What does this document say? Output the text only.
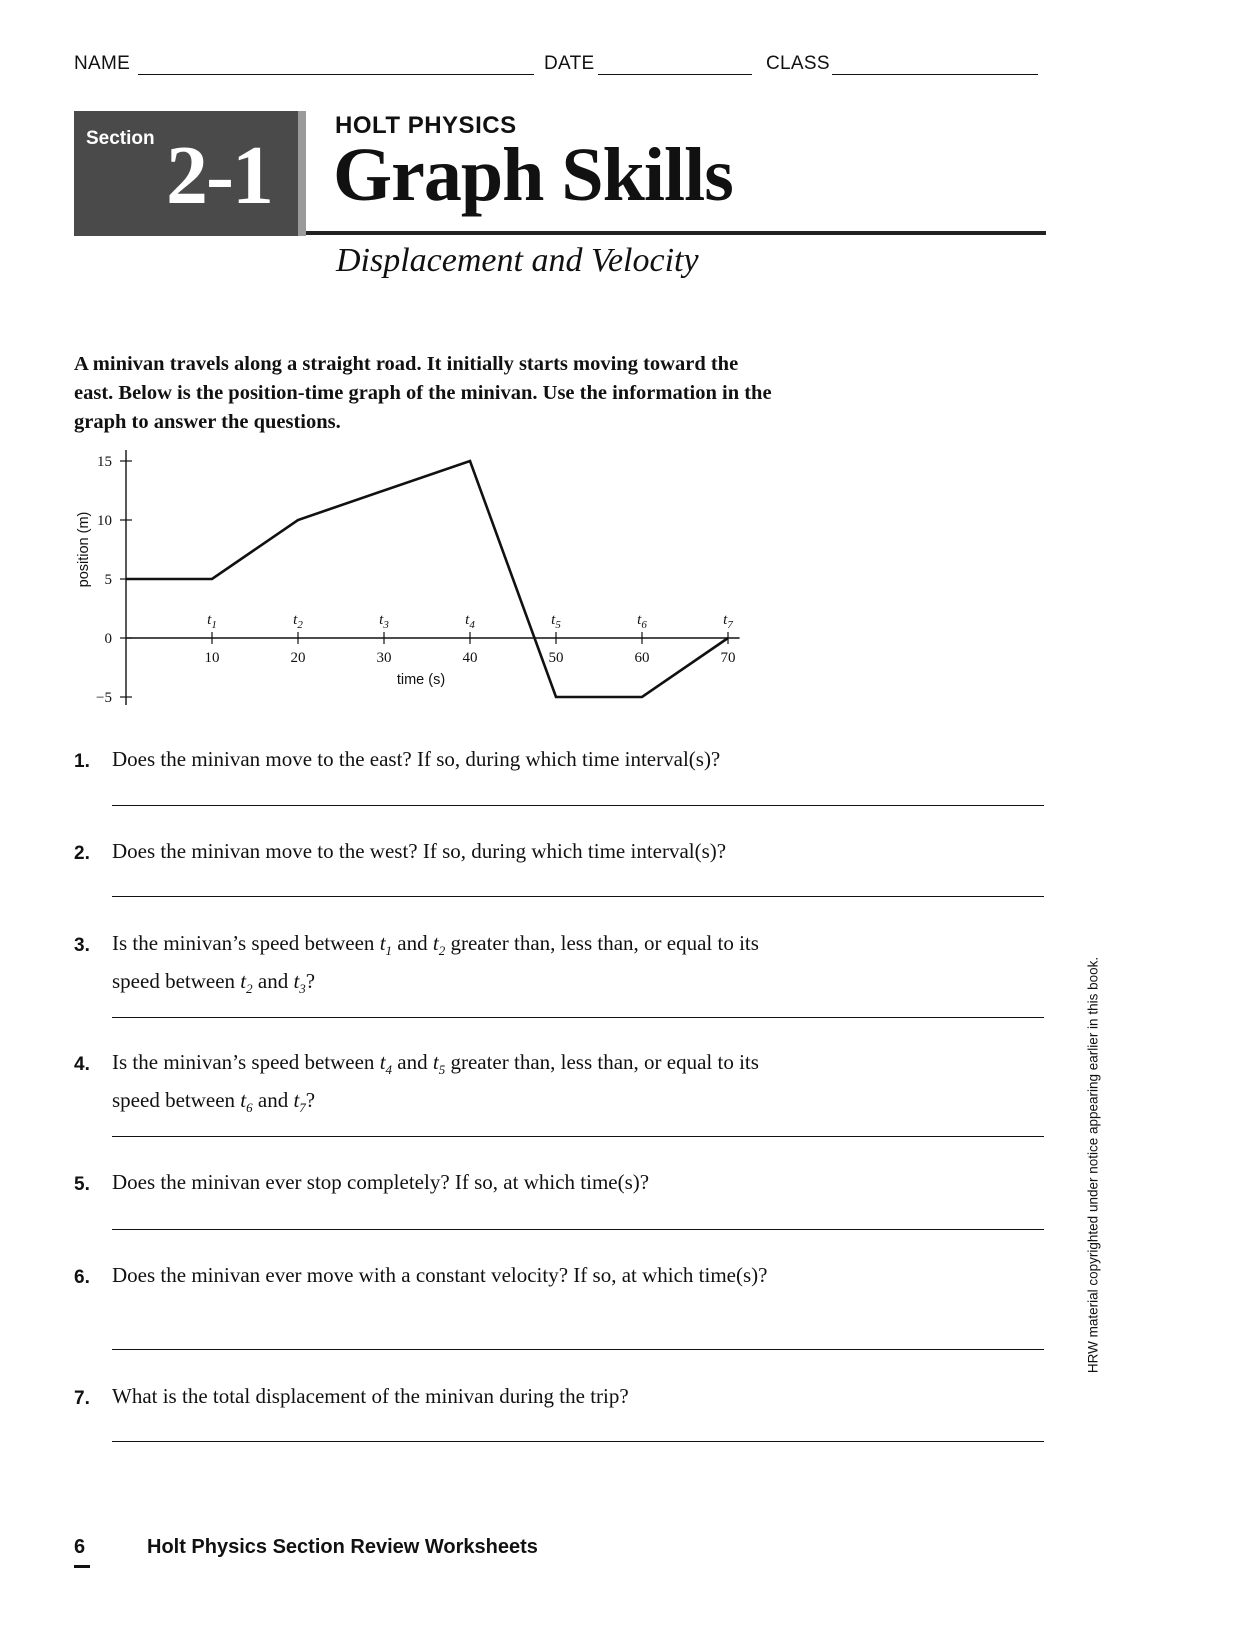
NAME	DATE	CLASS
Section 2-1
HOLT PHYSICS
Graph Skills
Displacement and Velocity
A minivan travels along a straight road. It initially starts moving toward the east. Below is the position-time graph of the minivan. Use the information in the graph to answer the questions.
15
10
5
0
−5
10	20	30	40	50	60	70
$t_1$	$t_2$	$t_3$	$t_4$	$t_5$	$t_6$	$t_7$
time (s)
position (m)
1. Does the minivan move to the east? If so, during which time interval(s)?
2. Does the minivan move to the west? If so, during which time interval(s)?
3. Is the minivan’s speed between $t_1$ and $t_2$ greater than, less than, or equal to its speed between $t_2$ and $t_3$?
4. Is the minivan’s speed between $t_4$ and $t_5$ greater than, less than, or equal to its speed between $t_6$ and $t_7$?
5. Does the minivan ever stop completely? If so, at which time(s)?
6. Does the minivan ever move with a constant velocity? If so, at which time(s)?
7. What is the total displacement of the minivan during the trip?
6	Holt Physics Section Review Worksheets
HRW material copyrighted under notice appearing earlier in this book.
